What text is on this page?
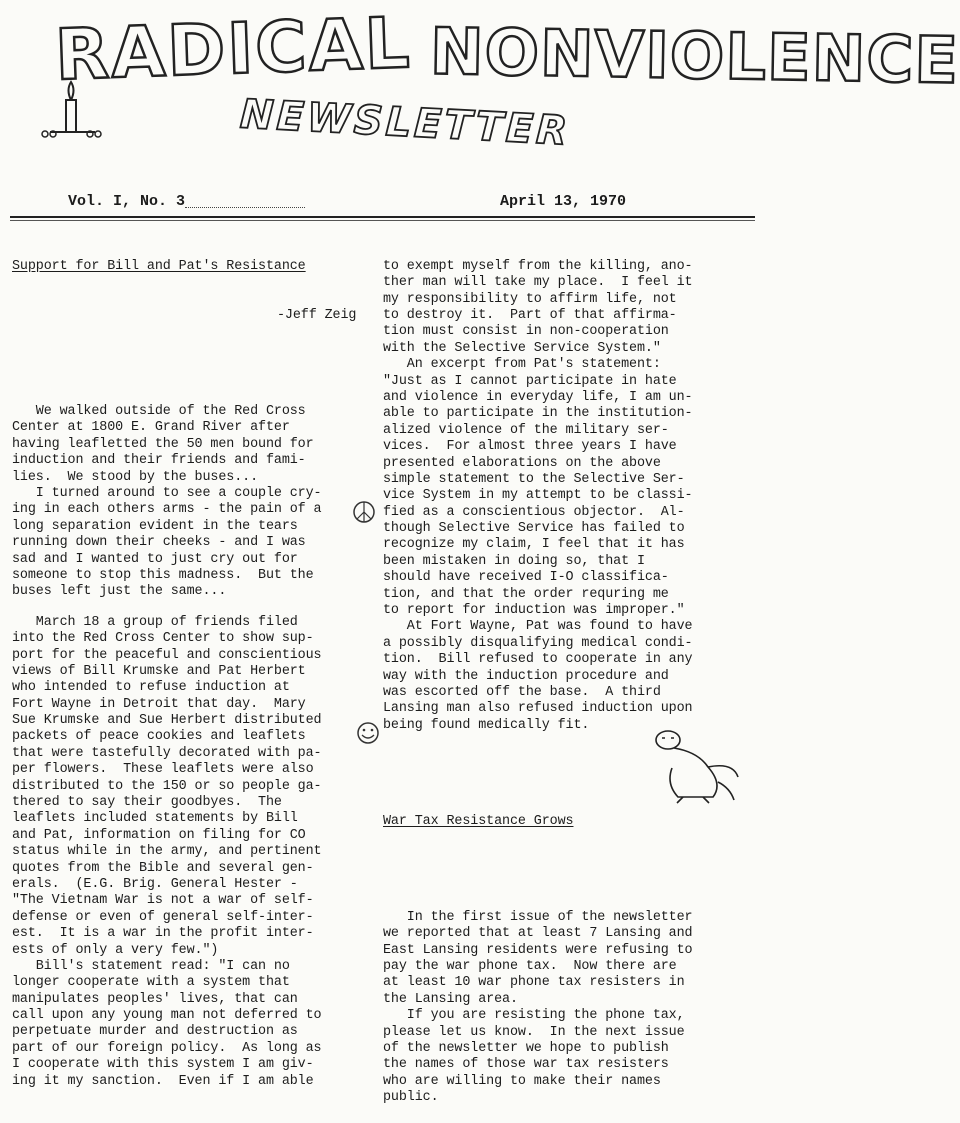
RADICAL NONVIOLENCE
NEWSLETTER
Vol. I, No. 3	April 13, 1970

Support for Bill and Pat's Resistance

-Jeff Zeig

We walked outside of the Red Cross
Center at 1800 E. Grand River after
having leafletted the 50 men bound for
induction and their friends and fami-
lies.  We stood by the buses...
I turned around to see a couple cry-
ing in each others arms - the pain of a
long separation evident in the tears
running down their cheeks - and I was
sad and I wanted to just cry out for
someone to stop this madness.  But the
buses left just the same...
March 18 a group of friends filed
into the Red Cross Center to show sup-
port for the peaceful and conscientious
views of Bill Krumske and Pat Herbert
who intended to refuse induction at
Fort Wayne in Detroit that day.  Mary
Sue Krumske and Sue Herbert distributed
packets of peace cookies and leaflets
that were tastefully decorated with pa-
per flowers.  These leaflets were also
distributed to the 150 or so people ga-
thered to say their goodbyes.  The
leaflets included statements by Bill
and Pat, information on filing for CO
status while in the army, and pertinent
quotes from the Bible and several gen-
erals.  (E.G. Brig. General Hester -
"The Vietnam War is not a war of self-
defense or even of general self-inter-
est.  It is a war in the profit inter-
ests of only a very few.")
Bill's statement read: "I can no
longer cooperate with a system that
manipulates peoples' lives, that can
call upon any young man not deferred to
perpetuate murder and destruction as
part of our foreign policy.  As long as
I cooperate with this system I am giv-
ing it my sanction.  Even if I am able

to exempt myself from the killing, ano-
ther man will take my place.  I feel it
my responsibility to affirm life, not
to destroy it.  Part of that affirma-
tion must consist in non-cooperation
with the Selective Service System."
An excerpt from Pat's statement:
"Just as I cannot participate in hate
and violence in everyday life, I am un-
able to participate in the institution-
alized violence of the military ser-
vices.  For almost three years I have
presented elaborations on the above
simple statement to the Selective Ser-
vice System in my attempt to be classi-
fied as a conscientious objector.  Al-
though Selective Service has failed to
recognize my claim, I feel that it has
been mistaken in doing so, that I
should have received I-O classifica-
tion, and that the order requring me
to report for induction was improper."
At Fort Wayne, Pat was found to have
a possibly disqualifying medical condi-
tion.  Bill refused to cooperate in any
way with the induction procedure and
was escorted off the base.  A third
Lansing man also refused induction upon
being found medically fit.

War Tax Resistance Grows

In the first issue of the newsletter
we reported that at least 7 Lansing and
East Lansing residents were refusing to
pay the war phone tax.  Now there are
at least 10 war phone tax resisters in
the Lansing area.
If you are resisting the phone tax,
please let us know.  In the next issue
of the newsletter we hope to publish
the names of those war tax resisters
who are willing to make their names
public.
